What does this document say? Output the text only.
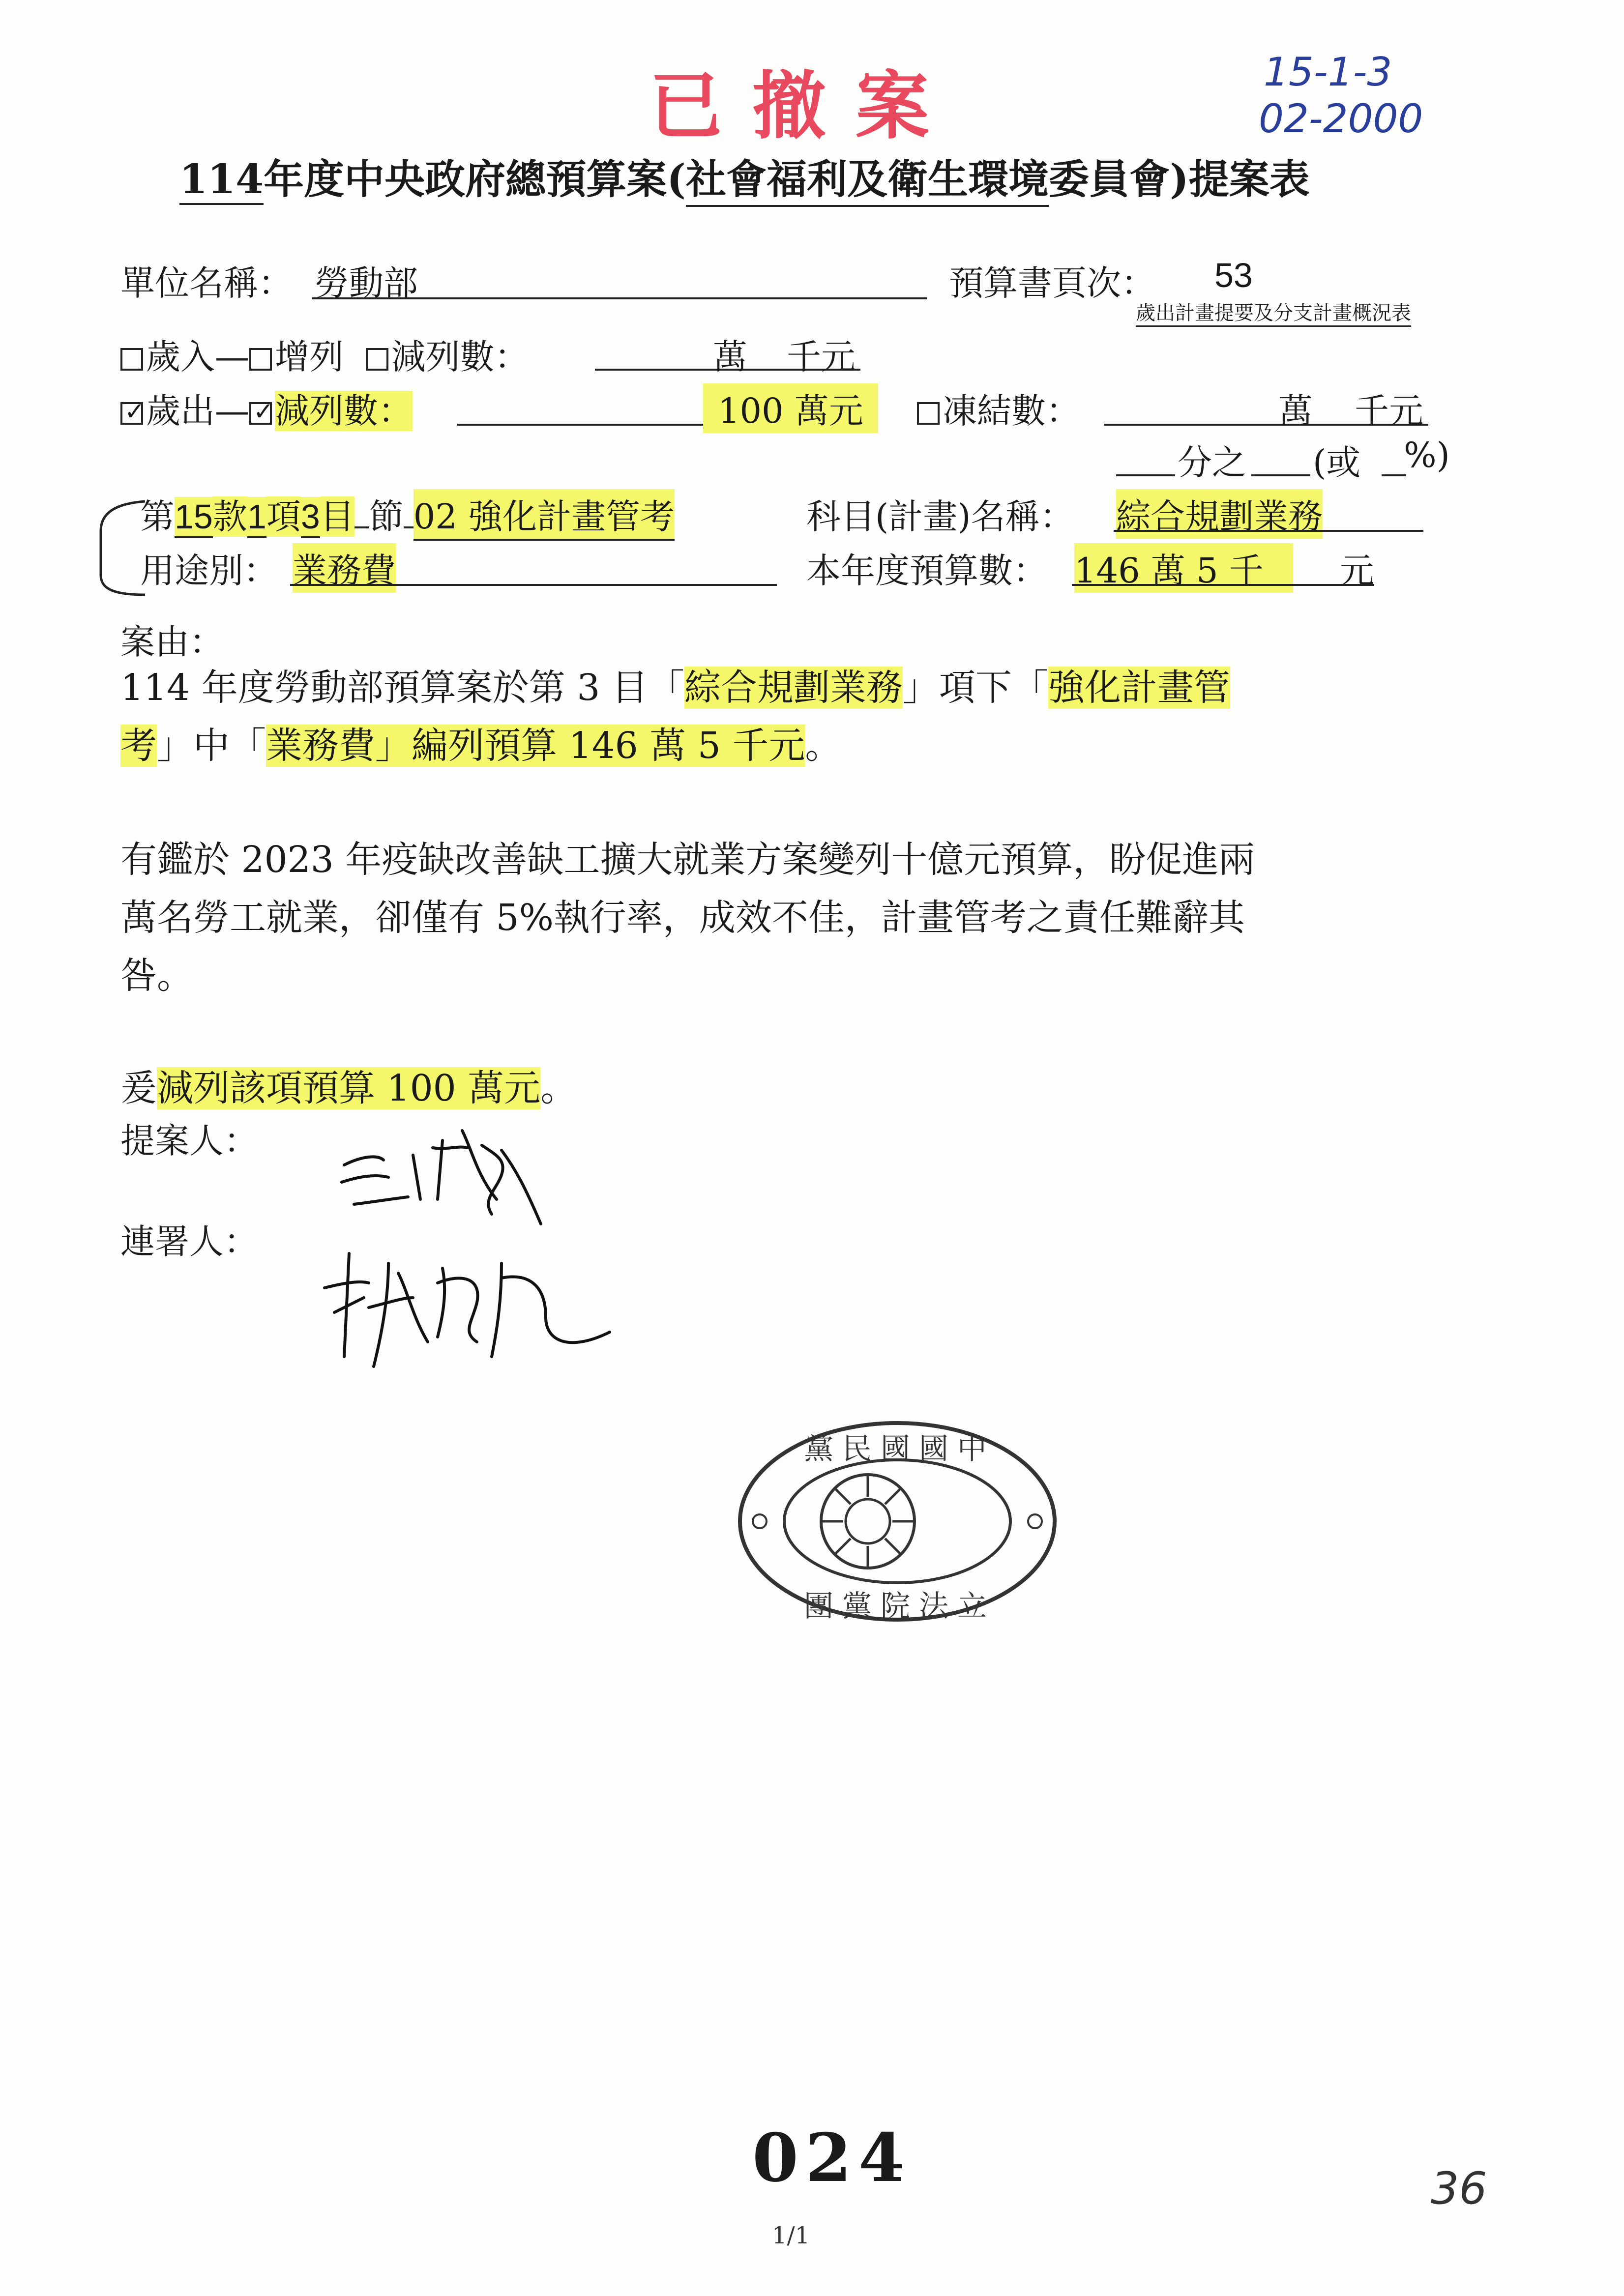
已撤案	15-1-3
02-2000
114年度中央政府總預算案(社會福利及衛生環境委員會)提案表
單位名稱： 勞動部	預算書頁次： 53
歲出計畫提要及分支計畫概況表
歲入— 增列 減列數：	萬 千元
✓歲出—✓ 減列數：	100 萬元	凍結數：	萬 千元
分之 (或 %)
第15款1項3目 節 02 強化計畫管考	科目(計畫)名稱： 綜合規劃業務
用途別： 業務費	本年度預算數： 146 萬 5 千	元
案由：
114 年度勞動部預算案於第 3 目「綜合規劃業務」項下「強化計畫管
考」中「業務費」編列預算 146 萬 5 千元。
有鑑於 2023 年疫缺改善缺工擴大就業方案變列十億元預算，盼促進兩
萬名勞工就業，卻僅有 5%執行率，成效不佳，計畫管考之責任難辭其
咎。
爰減列該項預算 100 萬元。
提案人：
連署人：
黨民國國中
團黨院法立
024
1/1
36
